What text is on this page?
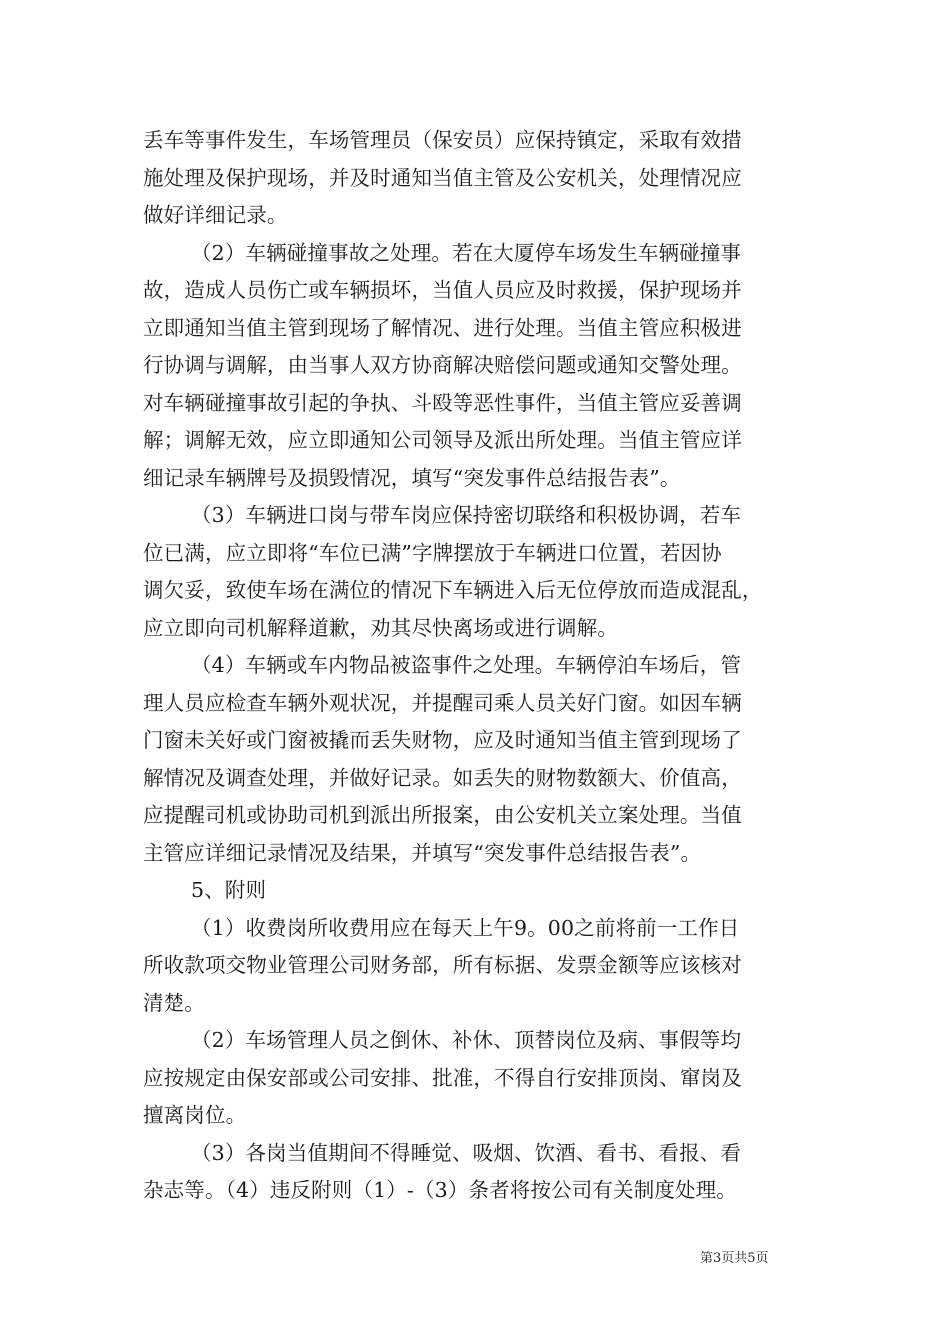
丢车等事件发生，车场管理员（保安员）应保持镇定，采取有效措
施处理及保护现场，并及时通知当值主管及公安机关，处理情况应
做好详细记录。
（2）车辆碰撞事故之处理。若在大厦停车场发生车辆碰撞事
故，造成人员伤亡或车辆损坏，当值人员应及时救援，保护现场并
立即通知当值主管到现场了解情况、进行处理。当值主管应积极进
行协调与调解，由当事人双方协商解决赔偿问题或通知交警处理。
对车辆碰撞事故引起的争执、斗殴等恶性事件，当值主管应妥善调
解；调解无效，应立即通知公司领导及派出所处理。当值主管应详
细记录车辆牌号及损毁情况，填写“突发事件总结报告表”。
（3）车辆进口岗与带车岗应保持密切联络和积极协调，若车
位已满，应立即将“车位已满”字牌摆放于车辆进口位置，若因协
调欠妥，致使车场在满位的情况下车辆进入后无位停放而造成混乱，
应立即向司机解释道歉，劝其尽快离场或进行调解。
（4）车辆或车内物品被盗事件之处理。车辆停泊车场后，管
理人员应检查车辆外观状况，并提醒司乘人员关好门窗。如因车辆
门窗未关好或门窗被撬而丢失财物，应及时通知当值主管到现场了
解情况及调查处理，并做好记录。如丢失的财物数额大、价值高，
应提醒司机或协助司机到派出所报案，由公安机关立案处理。当值
主管应详细记录情况及结果，并填写“突发事件总结报告表”。
5、附则
（1）收费岗所收费用应在每天上午9。00之前将前一工作日
所收款项交物业管理公司财务部，所有标据、发票金额等应该核对
清楚。
（2）车场管理人员之倒休、补休、顶替岗位及病、事假等均
应按规定由保安部或公司安排、批准，不得自行安排顶岗、窜岗及
擅离岗位。
（3）各岗当值期间不得睡觉、吸烟、饮酒、看书、看报、看
杂志等。（4）违反附则（1）-（3）条者将按公司有关制度处理。
第3页共5页
